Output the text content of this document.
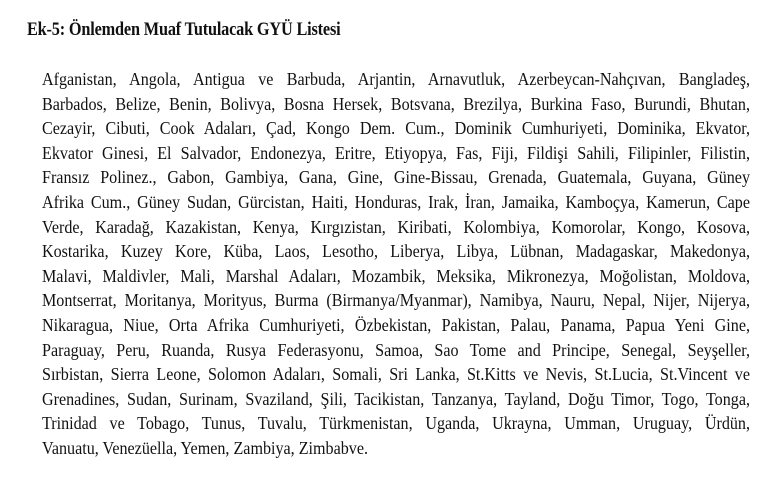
Ek-5: Önlemden Muaf Tutulacak GYÜ Listesi
Afganistan, Angola, Antigua ve Barbuda, Arjantin, Arnavutluk, Azerbeycan-Nahçıvan, Bangladeş,
Barbados, Belize, Benin, Bolivya, Bosna Hersek, Botsvana, Brezilya, Burkina Faso, Burundi, Bhutan,
Cezayir, Cibuti, Cook Adaları, Çad, Kongo Dem. Cum., Dominik Cumhuriyeti, Dominika, Ekvator,
Ekvator Ginesi, El Salvador, Endonezya, Eritre, Etiyopya, Fas, Fiji, Fildişi Sahili, Filipinler, Filistin,
Fransız Polinez., Gabon, Gambiya, Gana, Gine, Gine-Bissau, Grenada, Guatemala, Guyana, Güney
Afrika Cum., Güney Sudan, Gürcistan, Haiti, Honduras, Irak, İran, Jamaika, Kamboçya, Kamerun, Cape
Verde, Karadağ, Kazakistan, Kenya, Kırgızistan, Kiribati, Kolombiya, Komorolar, Kongo, Kosova,
Kostarika, Kuzey Kore, Küba, Laos, Lesotho, Liberya, Libya, Lübnan, Madagaskar, Makedonya,
Malavi, Maldivler, Mali, Marshal Adaları, Mozambik, Meksika, Mikronezya, Moğolistan, Moldova,
Montserrat, Moritanya, Morityus, Burma (Birmanya/Myanmar), Namibya, Nauru, Nepal, Nijer, Nijerya,
Nikaragua, Niue, Orta Afrika Cumhuriyeti, Özbekistan, Pakistan, Palau, Panama, Papua Yeni Gine,
Paraguay, Peru, Ruanda, Rusya Federasyonu, Samoa, Sao Tome and Principe, Senegal, Seyşeller,
Sırbistan, Sierra Leone, Solomon Adaları, Somali, Sri Lanka, St.Kitts ve Nevis, St.Lucia, St.Vincent ve
Grenadines, Sudan, Surinam, Svaziland, Şili, Tacikistan, Tanzanya, Tayland, Doğu Timor, Togo, Tonga,
Trinidad ve Tobago, Tunus, Tuvalu, Türkmenistan, Uganda, Ukrayna, Umman, Uruguay, Ürdün,
Vanuatu, Venezüella, Yemen, Zambiya, Zimbabve.
